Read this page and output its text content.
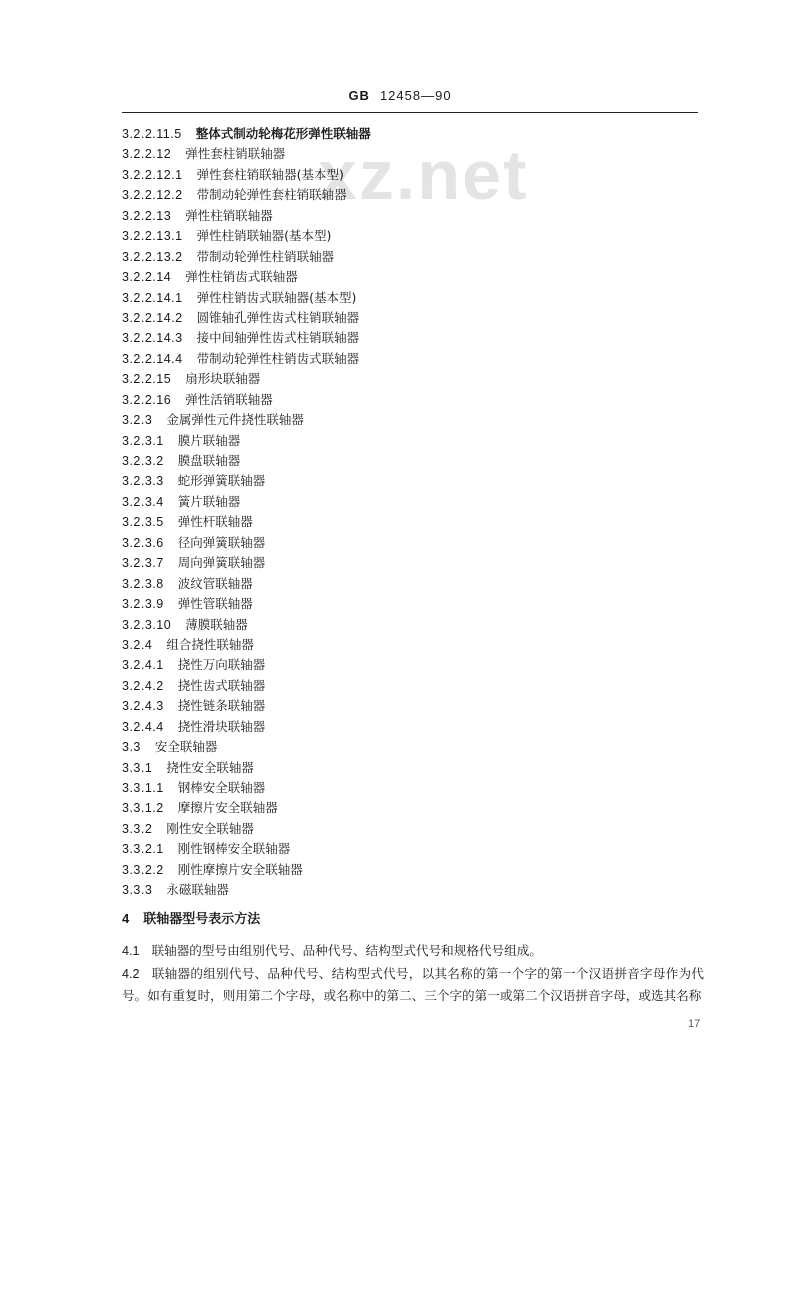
GB 12458—90
xz.net
3.2.2.11.5 整体式制动轮梅花形弹性联轴器
3.2.2.12 弹性套柱销联轴器
3.2.2.12.1 弹性套柱销联轴器(基本型)
3.2.2.12.2 带制动轮弹性套柱销联轴器
3.2.2.13 弹性柱销联轴器
3.2.2.13.1 弹性柱销联轴器(基本型)
3.2.2.13.2 带制动轮弹性柱销联轴器
3.2.2.14 弹性柱销齿式联轴器
3.2.2.14.1 弹性柱销齿式联轴器(基本型)
3.2.2.14.2 圆锥轴孔弹性齿式柱销联轴器
3.2.2.14.3 接中间轴弹性齿式柱销联轴器
3.2.2.14.4 带制动轮弹性柱销齿式联轴器
3.2.2.15 扇形块联轴器
3.2.2.16 弹性活销联轴器
3.2.3 金属弹性元件挠性联轴器
3.2.3.1 膜片联轴器
3.2.3.2 膜盘联轴器
3.2.3.3 蛇形弹簧联轴器
3.2.3.4 簧片联轴器
3.2.3.5 弹性杆联轴器
3.2.3.6 径向弹簧联轴器
3.2.3.7 周向弹簧联轴器
3.2.3.8 波纹管联轴器
3.2.3.9 弹性管联轴器
3.2.3.10 薄膜联轴器
3.2.4 组合挠性联轴器
3.2.4.1 挠性万向联轴器
3.2.4.2 挠性齿式联轴器
3.2.4.3 挠性链条联轴器
3.2.4.4 挠性滑块联轴器
3.3 安全联轴器
3.3.1 挠性安全联轴器
3.3.1.1 钢棒安全联轴器
3.3.1.2 摩擦片安全联轴器
3.3.2 刚性安全联轴器
3.3.2.1 刚性钢棒安全联轴器
3.3.2.2 刚性摩擦片安全联轴器
3.3.3 永磁联轴器
4 联轴器型号表示方法
4.1 联轴器的型号由组别代号、品种代号、结构型式代号和规格代号组成。
4.2 联轴器的组别代号、品种代号、结构型式代号，以其名称的第一个字的第一个汉语拼音字母作为代号。如有重复时，则用第二个字母，或名称中的第二、三个字的第一或第二个汉语拼音字母，或选其名称
17
